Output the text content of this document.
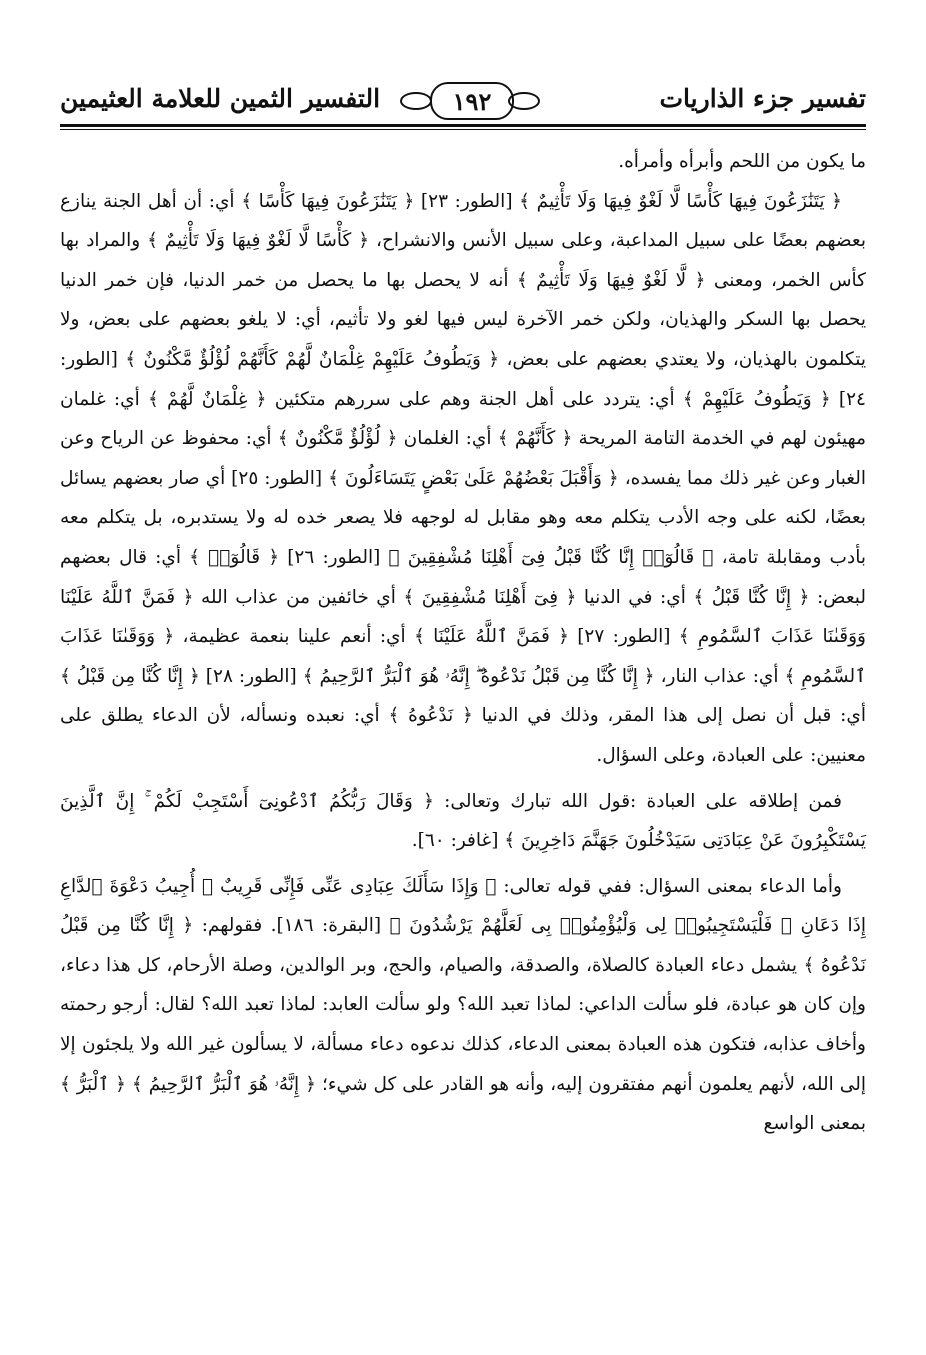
تفسير جزء الذاريات
١٩٢
التفسير الثمين للعلامة العثيمين

ما يكون من اللحم وأبرأه وأمرأه.

﴿ يَتَنَٰزَعُونَ فِيهَا كَأْسًا لَّا لَغْوٌ فِيهَا وَلَا تَأْثِيمٌ ﴾ [الطور: ٢٣] ﴿ يَتَنَٰزَعُونَ فِيهَا كَأْسًا ﴾ أي: أن أهل الجنة ينازع بعضهم بعضًا على سبيل المداعبة، وعلى سبيل الأنس والانشراح، ﴿ كَأْسًا لَّا لَغْوٌ فِيهَا وَلَا تَأْثِيمٌ ﴾ والمراد بها كأس الخمر، ومعنى ﴿ لَّا لَغْوٌ فِيهَا وَلَا تَأْثِيمٌ ﴾ أنه لا يحصل بها ما يحصل من خمر الدنيا، فإن خمر الدنيا يحصل بها السكر والهذيان، ولكن خمر الآخرة ليس فيها لغو ولا تأثيم، أي: لا يلغو بعضهم على بعض، ولا يتكلمون بالهذيان، ولا يعتدي بعضهم على بعض، ﴿ وَيَطُوفُ عَلَيْهِمْ غِلْمَانٌ لَّهُمْ كَأَنَّهُمْ لُؤْلُؤٌ مَّكْنُونٌ ﴾ [الطور: ٢٤] ﴿ وَيَطُوفُ عَلَيْهِمْ ﴾ أي: يتردد على أهل الجنة وهم على سررهم متكئين ﴿ غِلْمَانٌ لَّهُمْ ﴾ أي: غلمان مهيئون لهم في الخدمة التامة المريحة ﴿ كَأَنَّهُمْ ﴾ أي: الغلمان ﴿ لُؤْلُؤٌ مَّكْنُونٌ ﴾ أي: محفوظ عن الرياح وعن الغبار وعن غير ذلك مما يفسده، ﴿ وَأَقْبَلَ بَعْضُهُمْ عَلَىٰ بَعْضٍ يَتَسَاءَلُونَ ﴾ [الطور: ٢٥] أي صار بعضهم يسائل بعضًا، لكنه على وجه الأدب يتكلم معه وهو مقابل له لوجهه فلا يصعر خده له ولا يستدبره، بل يتكلم معه بأدب ومقابلة تامة، ﴿ قَالُوٓا۟ إِنَّا كُنَّا قَبْلُ فِىٓ أَهْلِنَا مُشْفِقِينَ ﴾ [الطور: ٢٦] ﴿ قَالُوٓا۟ ﴾ أي: قال بعضهم لبعض: ﴿ إِنَّا كُنَّا قَبْلُ ﴾ أي: في الدنيا ﴿ فِىٓ أَهْلِنَا مُشْفِقِينَ ﴾ أي خائفين من عذاب الله ﴿ فَمَنَّ ٱللَّهُ عَلَيْنَا وَوَقَىٰنَا عَذَابَ ٱلسَّمُومِ ﴾ [الطور: ٢٧] ﴿ فَمَنَّ ٱللَّهُ عَلَيْنَا ﴾ أي: أنعم علينا بنعمة عظيمة، ﴿ وَوَقَىٰنَا عَذَابَ ٱلسَّمُومِ ﴾ أي: عذاب النار، ﴿ إِنَّا كُنَّا مِن قَبْلُ نَدْعُوهُ ۖ إِنَّهُۥ هُوَ ٱلْبَرُّ ٱلرَّحِيمُ ﴾ [الطور: ٢٨] ﴿ إِنَّا كُنَّا مِن قَبْلُ ﴾ أي: قبل أن نصل إلى هذا المقر، وذلك في الدنيا ﴿ نَدْعُوهُ ﴾ أي: نعبده ونسأله، لأن الدعاء يطلق على معنيين: على العبادة، وعلى السؤال.

فمن إطلاقه على العبادة :قول الله تبارك وتعالى: ﴿ وَقَالَ رَبُّكُمُ ٱدْعُونِىٓ أَسْتَجِبْ لَكُمْ ۚ إِنَّ ٱلَّذِينَ يَسْتَكْبِرُونَ عَنْ عِبَادَتِى سَيَدْخُلُونَ جَهَنَّمَ دَاخِرِينَ ﴾ [غافر: ٦٠].

وأما الدعاء بمعنى السؤال: ففي قوله تعالى: ﴿ وَإِذَا سَأَلَكَ عِبَادِى عَنِّى فَإِنِّى قَرِيبٌ ۖ أُجِيبُ دَعْوَةَ ٱلدَّاعِ إِذَا دَعَانِ ۖ فَلْيَسْتَجِيبُوا۟ لِى وَلْيُؤْمِنُوا۟ بِى لَعَلَّهُمْ يَرْشُدُونَ ﴾ [البقرة: ١٨٦]. فقولهم: ﴿ إِنَّا كُنَّا مِن قَبْلُ نَدْعُوهُ ﴾ يشمل دعاء العبادة كالصلاة، والصدقة، والصيام، والحج، وبر الوالدين، وصلة الأرحام، كل هذا دعاء، وإن كان هو عبادة، فلو سألت الداعي: لماذا تعبد الله؟ ولو سألت العابد: لماذا تعبد الله؟ لقال: أرجو رحمته وأخاف عذابه، فتكون هذه العبادة بمعنى الدعاء، كذلك ندعوه دعاء مسألة، لا يسألون غير الله ولا يلجئون إلا إلى الله، لأنهم يعلمون أنهم مفتقرون إليه، وأنه هو القادر على كل شيء؛ ﴿ إِنَّهُۥ هُوَ ٱلْبَرُّ ٱلرَّحِيمُ ﴾ ﴿ ٱلْبَرُّ ﴾ بمعنى الواسع
